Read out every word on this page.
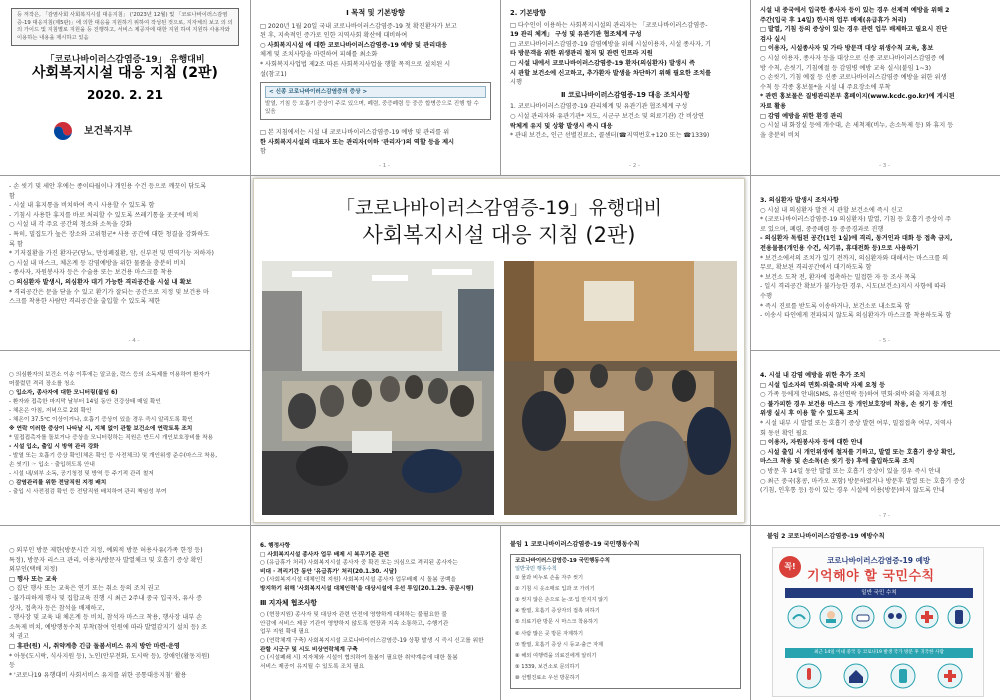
등 저작은, 「감염사회 사회복지시설 대응지침」 ('2023년 12월) 및 「코로나바이러스감염증-19 대응지침(제5판)」에 의한 대응을 지원하기 위하여 작성된 것으로, 지자체의 보고 의 의의 가이드 및 지침별로 지원을 등 진행하고, 서비스 제공자에 대한 지원 하여 지원하 사용자와 이용하는 내용을 제시하고 있음
「코로나바이러스감염증-19」 유행대비
사회복지시설 대응 지침 (2판)
2020. 2. 21
보건복지부
Ⅰ 목적 및 기본방향

□ 2020년 1월 20일 국내 코로나바이러스감염증-19 첫 확진환자가 보고

된 후, 지속적인 증가로 인한 지역사회 확산에 대비하여

○ 사회복지시설 에 대한 코로나바이러스감염증-19 예방 및 관리대응

체계 및 조치사항을 마련하여 피해를 최소화

* 사회복지사업법 제2조 따른 사회복지사업을 행할 목적으로 설치된 시

설(참고1)

< 신종 코로나바이러스감염증의 증상 >
발열, 기침 등 호흡기 증상이 주로 있으며, 폐렴, 중증폐렴 등 중증 합병증으로 진행 할 수 있음

□ 본 지침에서는 시설 내 코로나바이러스감염증-19 예방 및 관리를 위

한 사회복지시설의 대표자 또는 관리자(이하 '관리자')의 역할 등을 제시

함

- 1 -
2. 기본방향

□ 다수인이 이용하는 사회복지시설의 관리자는 「코로나바이러스감염증-

19 관리 체계」 구성 및 유관기관 협조체계 구성

□ 코로나바이러스감염증-19 감염예방을 위해 시설이용자, 시설 종사자, 기

타 방문객을 위한 위생관리 철저 및 관련 인프라 지원

□ 시설 내에서 코로나바이러스감염증-19 환자(의심환자) 발생시 즉

시 관할 보건소에 신고하고, 추가환자 발생을 차단하기 위해 필요한 조치를

시행

Ⅱ 코로나바이러스감염증-19 대응 조치사항

1. 코로나바이러스감염증-19 관리체계 및 유관기관 협조체계 구성

○ 시설 관리자와 유관기관* 지도, 시군구 보건소 및 의료기관) 간 비상연

락체계 유지 및 상황 발생시 즉시 대응

* 관내 보건소, 인근 선별진료소, 콜센터(☎지역번호+120 또는 ☎1339)

- 2 -

시설 내 중국에서 입국한 종사자 등이 있는 경우 선제적 예방을 위해 2

주간(입국 후 14일) 한시적 업무 배제(유급휴가 처리)

□ 발열, 기침 등의 증상이 있는 경우 관련 업무 배제하고 필요시 진단

검사 실시

□ 이용자, 시설종사자 및 가타 방문객 대상 위생수칙 교육, 홍보

○ 시설 이용자, 종사자 등을 대상으로 신종 코로나바이러스감염증 예

방 수칙, 손씻기, 기침예절 등 감염병 예방 교육 실시(붙임 1~3)

○ 손씻기, 기침 예절 등 신종 코로나바이러스감염증 예방을 위한 위생

수칙 등 각종 홍보물*을 시설 내 주요장소에 부착

* 관련 홍보물은 질병관리본부 홈페이지(www.kcdc.go.kr)에 게시된

자료 활용

□ 감염 예방을 위한 환경 관리

○ 시설 내 화장실 등에 개수대, 손 세척제(비누, 손소독제 등) 와 휴지 등

을 충분히 비치

- 3 -

- 손 씻기 및 세안 후에는 종이타월이나 개인용 수건 등으로 깨끗이 닦도록

함

- 시설 내 휴지통을 비치하여 즉시 사용할 수 있도록 함

- 기침시 사용한 휴지를 바로 처리할 수 있도록 쓰레기통을 곳곳에 비치

○ 시설 내 각 주요 공간의 청소와 소독을 강화

- 특히, 밀집도가 높은 장소와 고위험군* 사용 공간에 대한 청결을 강화하도

록 함

* 기저질환을 가진 환자군(당뇨, 만성폐질환, 암, 신부전 및 면역기능 저하자)

○ 시설 내 마스크, 체온계 등 감염예방을 위한 물품을 충분히 비치

- 종사자, 자원봉사자 등은 수술용 또는 보건용 마스크를 착용

○ 의심환자 발생시, 의심환자 대기 가능한 격리공간을 시설 내 확보

* 격리공간은 문을 닫을 수 있고 환기가 잘되는 공간으로 지정 및 보건용 마

스크를 착용한 사람만 격리공간을 출입할 수 있도록 제한

- 4 -

3. 의심환자 발생시 조치사항

○ 시설 내 의심환자 발견 시 관할 보건소에 즉시 신고

* (코로나바이러스감염증-19 의심환자) 발열, 기침 등 호흡기 증상이 주

로 있으며, 폐렴, 중증폐렴 등 중증경과로 진행

- 의심환자 독립된 공간(1인 1실)에 격리, 동거인과 대화 등 접촉 금지,

전용물품(개인용 수건, 식기류, 휴대전화 등)으로 사용하기

* 보건소에서의 조치가 있기 전까지, 의심환자와 대해서는 마스크를 의

무로, 확보된 격리공간에서 대기하도록 함

* 보건소 도착 전, 환자에 접촉하는 밀접한 자 등 조사 목록

- 일시 격리공간 확보가 불가능한 경우, 시도(보건소)지시 사항에 따라

수행

* 즉시 진료를 받도록 이송하거나, 보건소로 내소토록 함

- 이송시 타인에게 전파되지 않도록 의심환자가 마스크를 착용하도록 함

- 5 -

○ 의심환자의 보건소 이송 이후에는 알코올, 락스 등의 소독제를 이용하여 환자가

머물렀던 격리 장소를 청소

○ 입소자, 종사자에 대한 모니터링(붙임 6)

- 환자와 접촉한 마지막 날부터 14일 동안 건강상태 매일 확인

- 체온은 아침, 저녁으로 2회 확인

- 체온이 37.5℃ 이상이거나, 호흡기 증상이 있을 경우 즉시 알리도록 확인

※ 연락 이러한 증상이 나타날 시, 지체 없이 관할 보건소에 연락토록 조치

* 밀접접촉자를 돌보거나 증상을 모니터링하는 직원은 반드시 개인보호장비를 착용

- 시설 입소, 출입 시 방역 관리 강화

- 발열 또는 호흡기 증상 확인(체온 확인 등 사전체크) 및 개인위생 준수(마스크 착용,

손 씻기) ☞ 입소 · 출입허도록 안내

- 시설 내/외부 소독, 공기청정 및 방역 등 주기적 관리 철저

○ 감염관리를 위한 전담직원 지정 배치

- 출입 시 사전점검 확인 등 전담직원 배치하여 관리 책임성 부여

4. 시설 내 감염 예방을 위한 추가 조치

□ 시설 입소자의 면회·외출·외박 자제 요청 등

○ 가족 등에게 안내(SMS, 유선연락 등)하여 면회·외박·외출 자제요청

○ 불가피한 경우 보건용 마스크 등 개인보호장비 착용, 손 씻기 등 개인

위생 실시 후 이용 할 수 있도록 조치

* 시설 내부 시 발열 또는 호흡기 증상 발현 여부, 밀접접촉 여부, 지역사

회 동선 확인 필요

□ 이용자, 자원봉사자 등에 대한 안내

○ 시설 출입 시 개인위생에 철저를 기하고, 발열 또는 호흡기 증상 확인,

마스크 착용 및 손소독(손 씻기 등) 후에 출입하도록 조치

○ 방문 후 14일 동안 발열 또는 호흡기 증상이 있을 경우 즉시 안내

○ 최근 중국(홍콩, 마카오 포함) 방문하였거나 방문후 발열 또는 호흡기 증상

(기침, 인후통 등) 등이 있는 경우 시설에 이용(방문)하지 않도록 안내

- 7 -

○ 외부인 방문 제한(방문시간 지정, 예외적 방문 허용사유(가족 한정 등)

특정), 방문자 리스크 관리, 이용자/방문자 발열체크 및 호흡기 증상 확인

외부인(택배 지정)

□ 행사 또는 교육

○ 집단 행사 또는 교육은 연기 또는 취소 등의 조치 권고

- 불가피하게 행사 및 집합교육 진행 시 최근 2주내 중국 입국자, 유사 증

상자, 접촉자 등은 참석을 배제하고,

- 행사장 및 교육 내 체온계 등 비치, 참석자 마스크 착용, 행사장 내부 손

소독제 비치, 예방행동수칙 부착(참여 인원에 따라 발열감지기 설치 등) 조

치 권고

□ 휴관(원) 시, 취약계층 긴급 돌봄서비스 유지 방안 마련·운영

* 아동(도시락, 식사지원 등), 노인(안부전화, 도시락 등), 장애인(활동지원)

등

* '코로나19 유행대비 사회서비스 유지를 위한 공통대응지침' 활용

6. 행정사항

□ 사회복지시설 종사자 업무 배제 시 복무기준 관련

○ (유급휴가 처리) 사회복지시설 종사자 중 확진 또는 의심으로 격리된 종사자는

비대 · 격리기간 동안 '유급휴가' 처리(20.1.30. 시달)

○ (사회복지시설 대체인력 지원) 사회복지시설 종사자 업무배제 시 돌봄 공백을

방지하기 위해 '사회복지시설 대체인력'을 대상시설에 우선 투입(20.1.29. 공문시행)

Ⅲ 지자체 협조사항

○ (현장지원) 종사자 및 대상자 관련 안전에 영향하게 대처하는 불필요한 불

안감에 서비스 제공 기관이 영향하지 않도록 현장과 지속 소통하고, 수행기관

업무 지원 확대 필요

○ (연락체계 구축) 사회복지시설 코로나바이러스감염증-19 상황 발생 시 즉시 신고를 위한

관할 시군구 및 시도 비상연락체계 구축

○ (시설폐쇄 시) 지자체와 시설이 협의하여 돌봄이 필요한 취약계층에 대한 돌봄

서비스 제공이 유지될 수 있도록 조치 필요

붙임 1 코로나바이러스감염증-19 국민행동수칙

코로나바이러스감염증-19 국민행동수칙

일반국민 행동수칙

① 물과 비누로 손을 자주 씻기

② 기침 시 옷소매로 입과 코 가리기

③ 씻지 않은 손으로 눈·코·입 만지지 않기

④ 발열, 호흡기 증상자의 접촉 피하기

⑤ 의료기관 방문 시 마스크 착용하기

⑥ 사람 많은 곳 방문 자제하기

⑦ 발열, 호흡기 증상 시 등교·출근 자제

⑧ 해외 여행력을 의료진에게 알리기

⑨ 1339, 보건소로 문의하기

⑩ 선별진료소 우선 방문하기

붙임 2 코로나바이러스감염증-19 예방수칙

꼭!
코로나바이러스감염증-19 예방
기억해야 할 국민수칙
일반 국민 수칙
최근 14일 이내 중국 등 코로나19 발생 국가 방문 후 귀국한 사람
「코로나바이러스감염증-19」유행대비
사회복지시설 대응 지침 (2판)
